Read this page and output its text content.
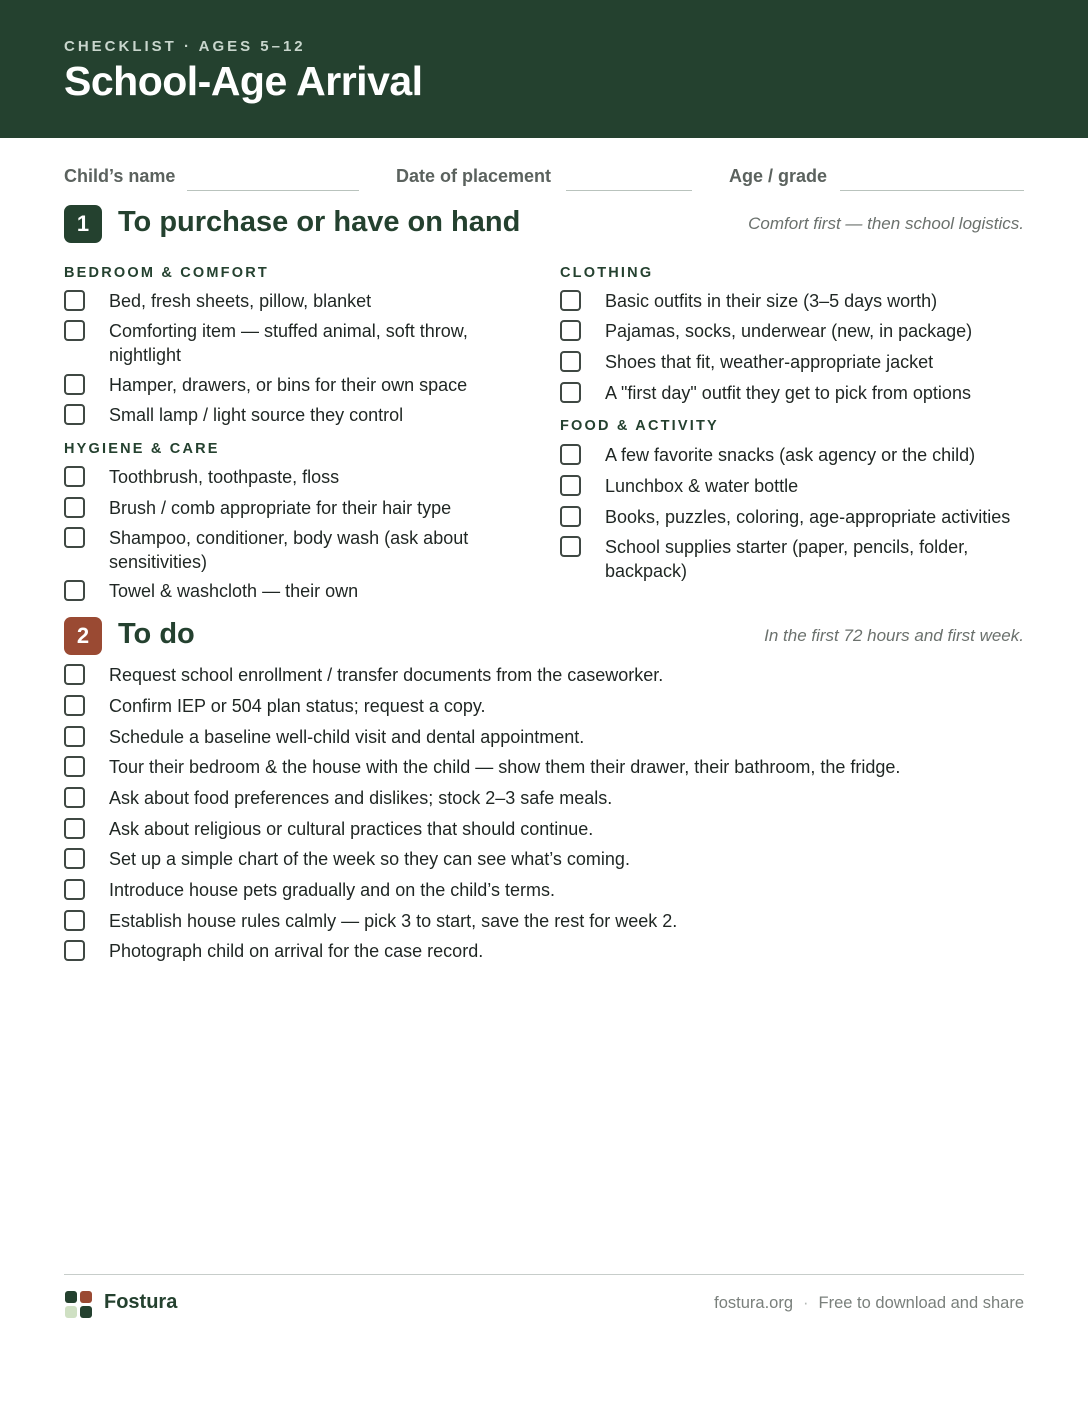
CHECKLIST · AGES 5–12
School-Age Arrival
Child’s name	Date of placement	Age / grade
1 To purchase or have on hand	Comfort first — then school logistics.
BEDROOM & COMFORT
Bed, fresh sheets, pillow, blanket
Comforting item — stuffed animal, soft throw, nightlight
Hamper, drawers, or bins for their own space
Small lamp / light source they control
HYGIENE & CARE
Toothbrush, toothpaste, floss
Brush / comb appropriate for their hair type
Shampoo, conditioner, body wash (ask about sensitivities)
Towel & washcloth — their own
CLOTHING
Basic outfits in their size (3–5 days worth)
Pajamas, socks, underwear (new, in package)
Shoes that fit, weather-appropriate jacket
A "first day" outfit they get to pick from options
FOOD & ACTIVITY
A few favorite snacks (ask agency or the child)
Lunchbox & water bottle
Books, puzzles, coloring, age-appropriate activities
School supplies starter (paper, pencils, folder, backpack)
2 To do	In the first 72 hours and first week.
Request school enrollment / transfer documents from the caseworker.
Confirm IEP or 504 plan status; request a copy.
Schedule a baseline well-child visit and dental appointment.
Tour their bedroom & the house with the child — show them their drawer, their bathroom, the fridge.
Ask about food preferences and dislikes; stock 2–3 safe meals.
Ask about religious or cultural practices that should continue.
Set up a simple chart of the week so they can see what’s coming.
Introduce house pets gradually and on the child’s terms.
Establish house rules calmly — pick 3 to start, save the rest for week 2.
Photograph child on arrival for the case record.
Fostura	fostura.org · Free to download and share
